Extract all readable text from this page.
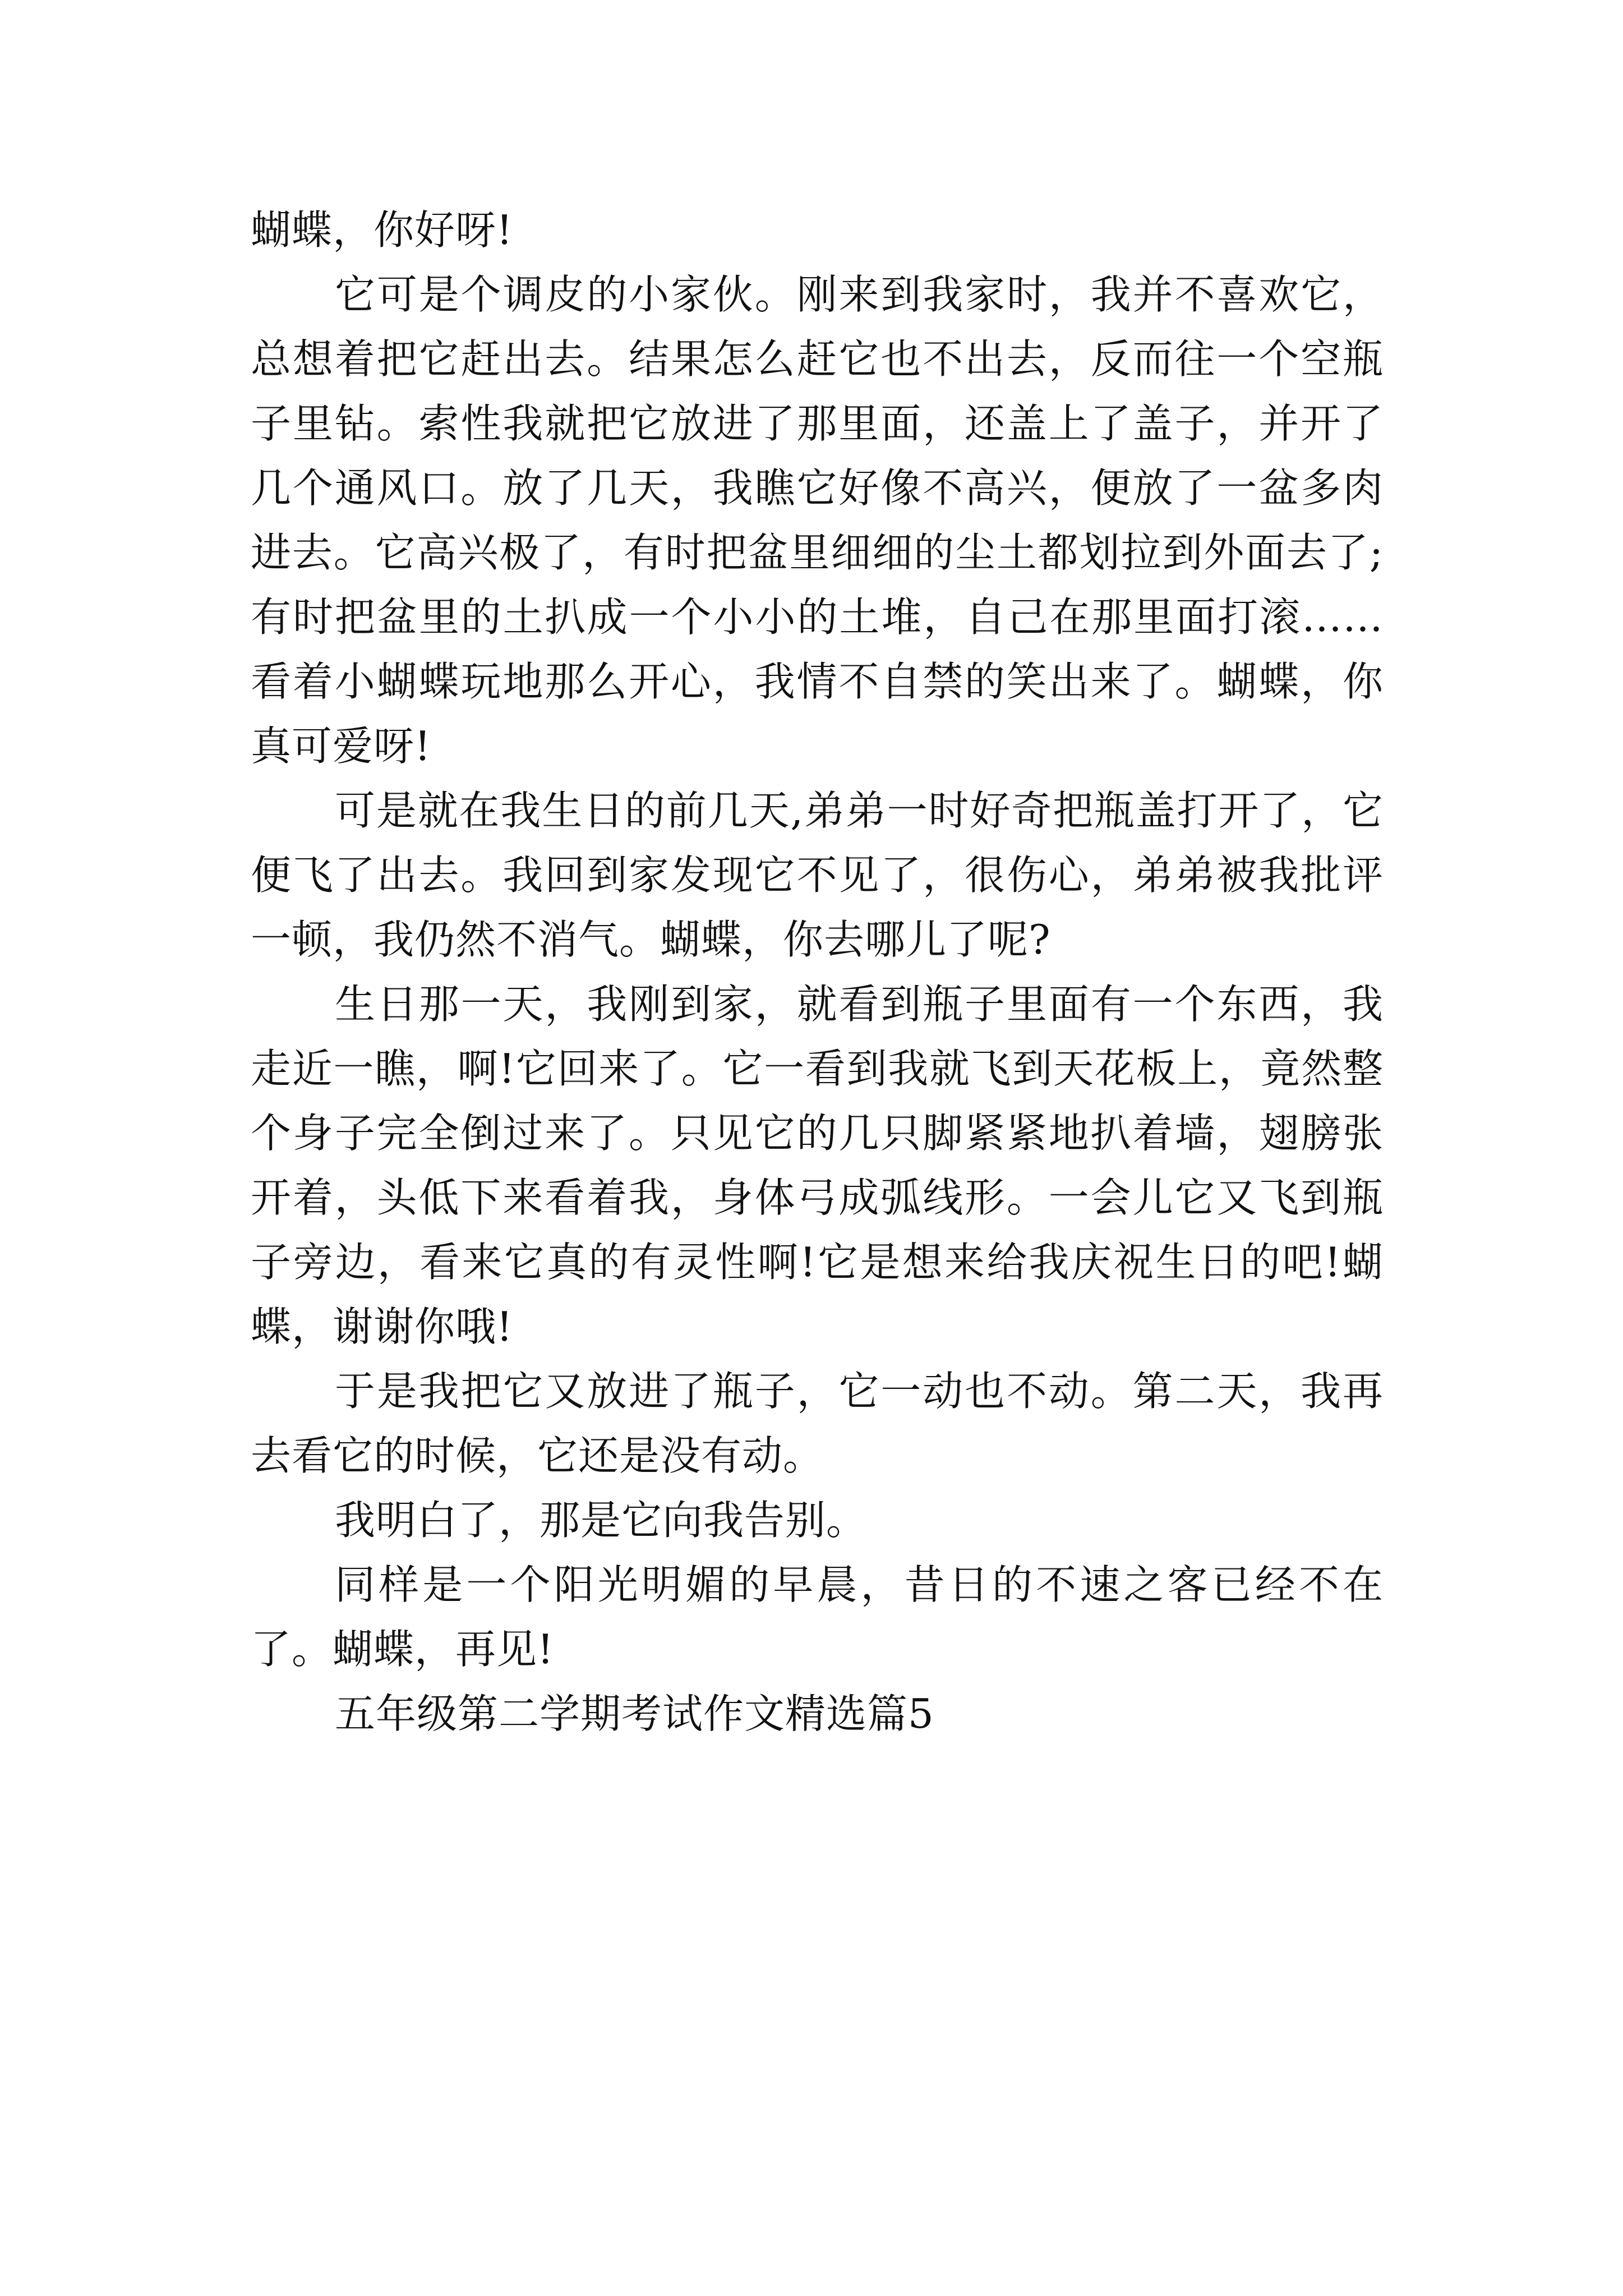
蝴蝶，你好呀!

它可是个调皮的小家伙。刚来到我家时，我并不喜欢它，总想着把它赶出去。结果怎么赶它也不出去，反而往一个空瓶子里钻。索性我就把它放进了那里面，还盖上了盖子，并开了几个通风口。放了几天，我瞧它好像不高兴，便放了一盆多肉进去。它高兴极了，有时把盆里细细的尘土都划拉到外面去了;有时把盆里的土扒成一个小小的土堆，自己在那里面打滚……看着小蝴蝶玩地那么开心，我情不自禁的笑出来了。蝴蝶，你真可爱呀!

可是就在我生日的前几天,弟弟一时好奇把瓶盖打开了，它便飞了出去。我回到家发现它不见了，很伤心，弟弟被我批评一顿，我仍然不消气。蝴蝶，你去哪儿了呢?

生日那一天，我刚到家，就看到瓶子里面有一个东西，我走近一瞧，啊!它回来了。它一看到我就飞到天花板上，竟然整个身子完全倒过来了。只见它的几只脚紧紧地扒着墙，翅膀张开着，头低下来看着我，身体弓成弧线形。一会儿它又飞到瓶子旁边，看来它真的有灵性啊!它是想来给我庆祝生日的吧!蝴蝶，谢谢你哦!

于是我把它又放进了瓶子，它一动也不动。第二天，我再去看它的时候，它还是没有动。

我明白了，那是它向我告别。

同样是一个阳光明媚的早晨，昔日的不速之客已经不在了。蝴蝶，再见!

五年级第二学期考试作文精选篇5
